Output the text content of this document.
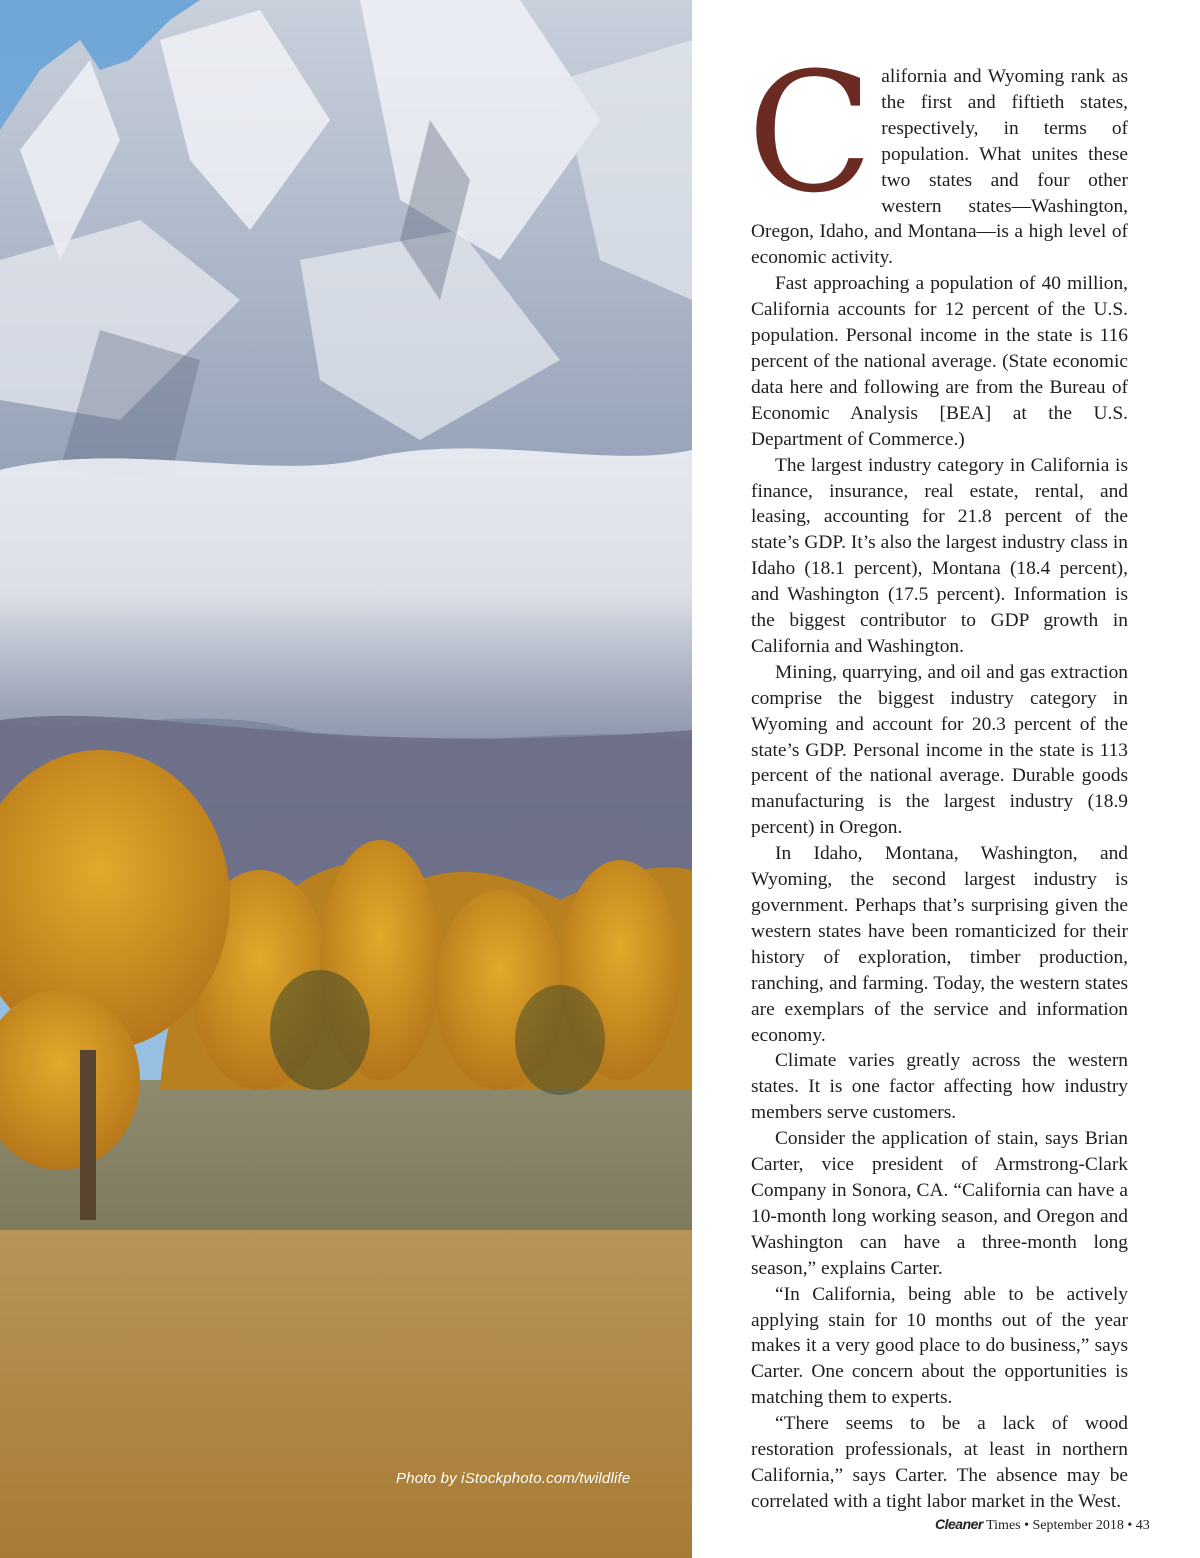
Photo by iStockphoto.com/twildlife

California and Wyoming rank as the first and fiftieth states, respectively, in terms of population. What unites these two states and four other western states—Washington, Oregon, Idaho, and Montana—is a high level of economic activity.

Fast approaching a population of 40 million, California accounts for 12 percent of the U.S. population. Personal income in the state is 116 percent of the national average. (State economic data here and following are from the Bureau of Economic Analysis [BEA] at the U.S. Department of Commerce.)

The largest industry category in California is finance, insurance, real estate, rental, and leasing, accounting for 21.8 percent of the state’s GDP. It’s also the largest industry class in Idaho (18.1 percent), Montana (18.4 percent), and Washington (17.5 percent). Information is the biggest contributor to GDP growth in California and Washington.

Mining, quarrying, and oil and gas extraction comprise the biggest industry category in Wyoming and account for 20.3 percent of the state’s GDP. Personal income in the state is 113 percent of the national average. Durable goods manufacturing is the largest industry (18.9 percent) in Oregon.

In Idaho, Montana, Washington, and Wyoming, the second largest industry is government. Perhaps that’s surprising given the western states have been romanticized for their history of exploration, timber production, ranching, and farming. Today, the western states are exemplars of the service and information economy.

Climate varies greatly across the western states. It is one factor affecting how industry members serve customers.

Consider the application of stain, says Brian Carter, vice president of Armstrong-Clark Company in Sonora, CA. “California can have a 10-month long working season, and Oregon and Washington can have a three-month long season,” explains Carter.

“In California, being able to be actively applying stain for 10 months out of the year makes it a very good place to do business,” says Carter. One concern about the opportunities is matching them to experts.

“There seems to be a lack of wood restoration professionals, at least in northern California,” says Carter. The absence may be correlated with a tight labor market in the West.

Cleaner Times • September 2018 • 43
